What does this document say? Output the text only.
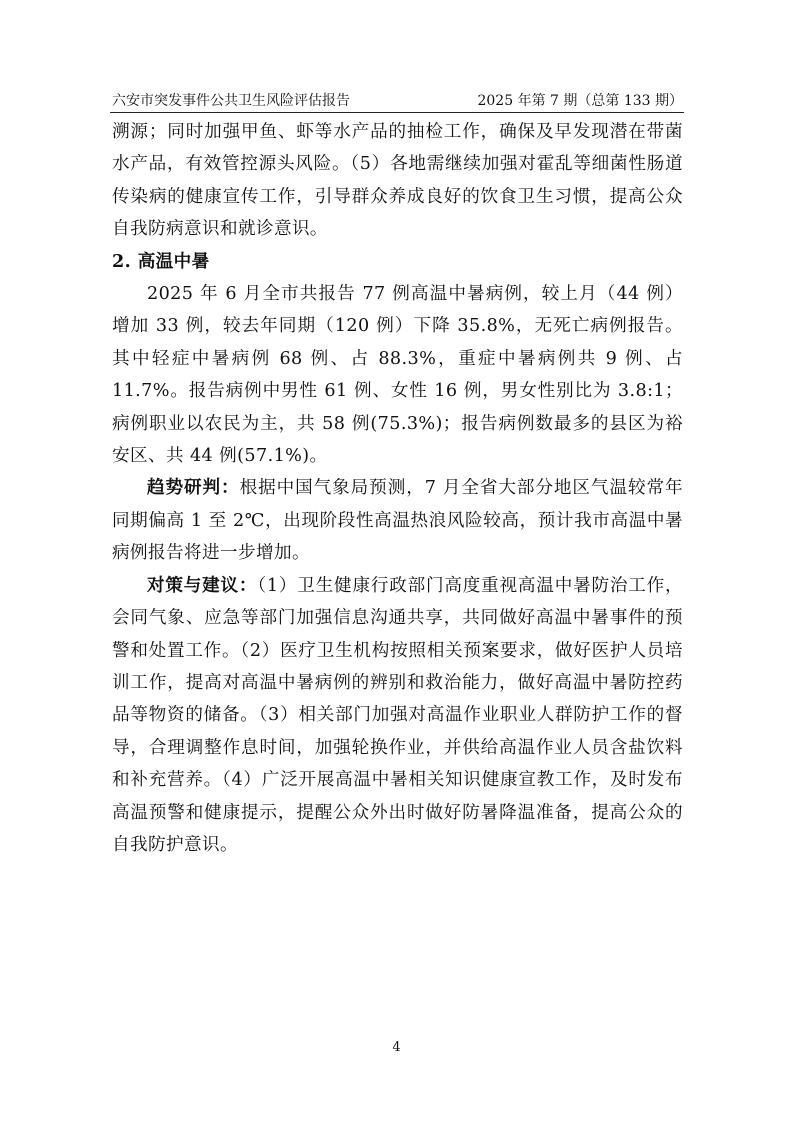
六安市突发事件公共卫生风险评估报告	2025 年第 7 期（总第 133 期）

溯源；同时加强甲鱼、虾等水产品的抽检工作，确保及早发现潜在带菌水产品，有效管控源头风险。（5）各地需继续加强对霍乱等细菌性肠道传染病的健康宣传工作，引导群众养成良好的饮食卫生习惯，提高公众自我防病意识和就诊意识。

2. 高温中暑

2025 年 6 月全市共报告 77 例高温中暑病例，较上月（44 例）增加 33 例，较去年同期（120 例）下降 35.8%，无死亡病例报告。其中轻症中暑病例 68 例、占 88.3%，重症中暑病例共 9 例、占 11.7%。报告病例中男性 61 例、女性 16 例，男女性别比为 3.8:1；病例职业以农民为主，共 58 例(75.3%)；报告病例数最多的县区为裕安区、共 44 例(57.1%)。

趋势研判：根据中国气象局预测，7 月全省大部分地区气温较常年同期偏高 1 至 2℃，出现阶段性高温热浪风险较高，预计我市高温中暑病例报告将进一步增加。

对策与建议：（1）卫生健康行政部门高度重视高温中暑防治工作，会同气象、应急等部门加强信息沟通共享，共同做好高温中暑事件的预警和处置工作。（2）医疗卫生机构按照相关预案要求，做好医护人员培训工作，提高对高温中暑病例的辨别和救治能力，做好高温中暑防控药品等物资的储备。（3）相关部门加强对高温作业职业人群防护工作的督导，合理调整作息时间，加强轮换作业，并供给高温作业人员含盐饮料和补充营养。（4）广泛开展高温中暑相关知识健康宣教工作，及时发布高温预警和健康提示，提醒公众外出时做好防暑降温准备，提高公众的自我防护意识。

4
